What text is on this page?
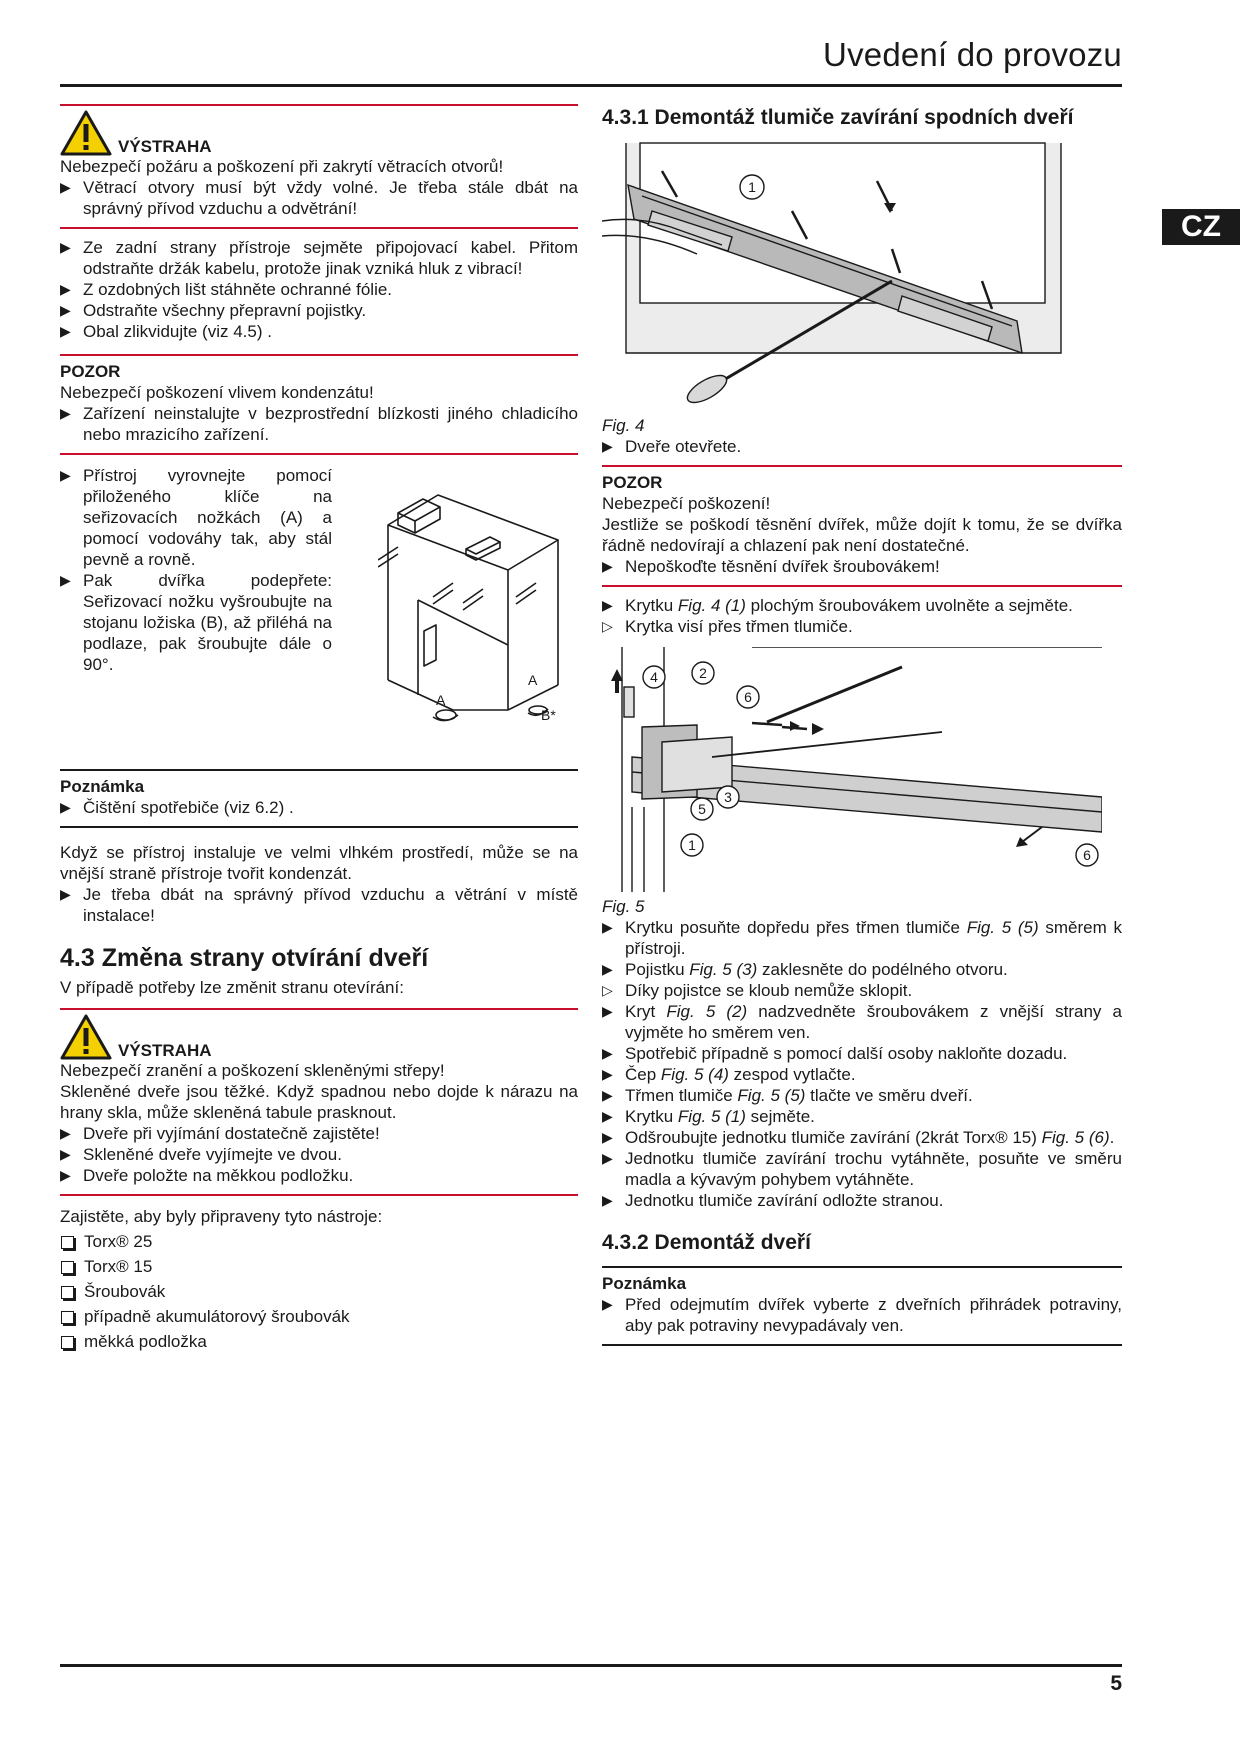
Uvedení do provozu
CZ
VÝSTRAHA

Nebezpečí požáru a poškození při zakrytí větracích otvorů!

▶ Větrací otvory musí být vždy volné. Je třeba stále dbát na správný přívod vzduchu a odvětrání!

▶ Ze zadní strany přístroje sejměte připojovací kabel. Přitom odstraňte držák kabelu, protože jinak vzniká hluk z vibrací!

▶ Z ozdobných lišt stáhněte ochranné fólie.

▶ Odstraňte všechny přepravní pojistky.

▶ Obal zlikvidujte (viz 4.5) .

POZOR

Nebezpečí poškození vlivem kondenzátu!

▶ Zařízení neinstalujte v bezprostřední blízkosti jiného chladicího nebo mrazicího zařízení.

▶ Přístroj vyrovnejte pomocí přiloženého klíče na seřizovacích nožkách (A) a pomocí vodováhy tak, aby stál pevně a rovně.

▶ Pak dvířka podepřete: Seřizovací nožku vyšroubujte na stojanu ložiska (B), až přiléhá na podlaze, pak šroubujte dále o 90°.

A
A
B*

Poznámka

▶ Čištění spotřebiče (viz 6.2) .

Když se přístroj instaluje ve velmi vlhkém prostředí, může se na vnější straně přístroje tvořit kondenzát.

▶ Je třeba dbát na správný přívod vzduchu a větrání v místě instalace!

4.3 Změna strany otvírání dveří

V případě potřeby lze změnit stranu otevírání:

VÝSTRAHA

Nebezpečí zranění a poškození skleněnými střepy!

Skleněné dveře jsou těžké. Když spadnou nebo dojde k nárazu na hrany skla, může skleněná tabule prasknout.

▶ Dveře při vyjímání dostatečně zajistěte!

▶ Skleněné dveře vyjímejte ve dvou.

▶ Dveře položte na měkkou podložku.

Zajistěte, aby byly připraveny tyto nástroje:

Torx® 25

Torx® 15

Šroubovák

případně akumulátorový šroubovák

měkká podložka

4.3.1 Demontáž tlumiče zavírání spodních dveří
1

Fig. 4

▶ Dveře otevřete.

POZOR

Nebezpečí poškození!

Jestliže se poškodí těsnění dvířek, může dojít k tomu, že se dvířka řádně nedovírají a chlazení pak není dostatečné.

▶ Nepoškoďte těsnění dvířek šroubovákem!

▶ Krytku Fig. 4 (1) plochým šroubovákem uvolněte a sejměte.

▷ Krytka visí přes třmen tlumiče.

4	2
6
3
5
1
6

Fig. 5

▶ Krytku posuňte dopředu přes třmen tlumiče Fig. 5 (5) směrem k přístroji.

▶ Pojistku Fig. 5 (3) zaklesněte do podélného otvoru.

▷ Díky pojistce se kloub nemůže sklopit.

▶ Kryt Fig. 5 (2) nadzvedněte šroubovákem z vnější strany a vyjměte ho směrem ven.

▶ Spotřebič případně s pomocí další osoby nakloňte dozadu.

▶ Čep Fig. 5 (4) zespod vytlačte.

▶ Třmen tlumiče Fig. 5 (5) tlačte ve směru dveří.

▶ Krytku Fig. 5 (1) sejměte.

▶ Odšroubujte jednotku tlumiče zavírání (2krát Torx® 15) Fig. 5 (6).

▶ Jednotku tlumiče zavírání trochu vytáhněte, posuňte ve směru madla a kývavým pohybem vytáhněte.

▶ Jednotku tlumiče zavírání odložte stranou.

4.3.2 Demontáž dveří

Poznámka

▶ Před odejmutím dvířek vyberte z dveřních přihrádek potraviny, aby pak potraviny nevypadávaly ven.

5
